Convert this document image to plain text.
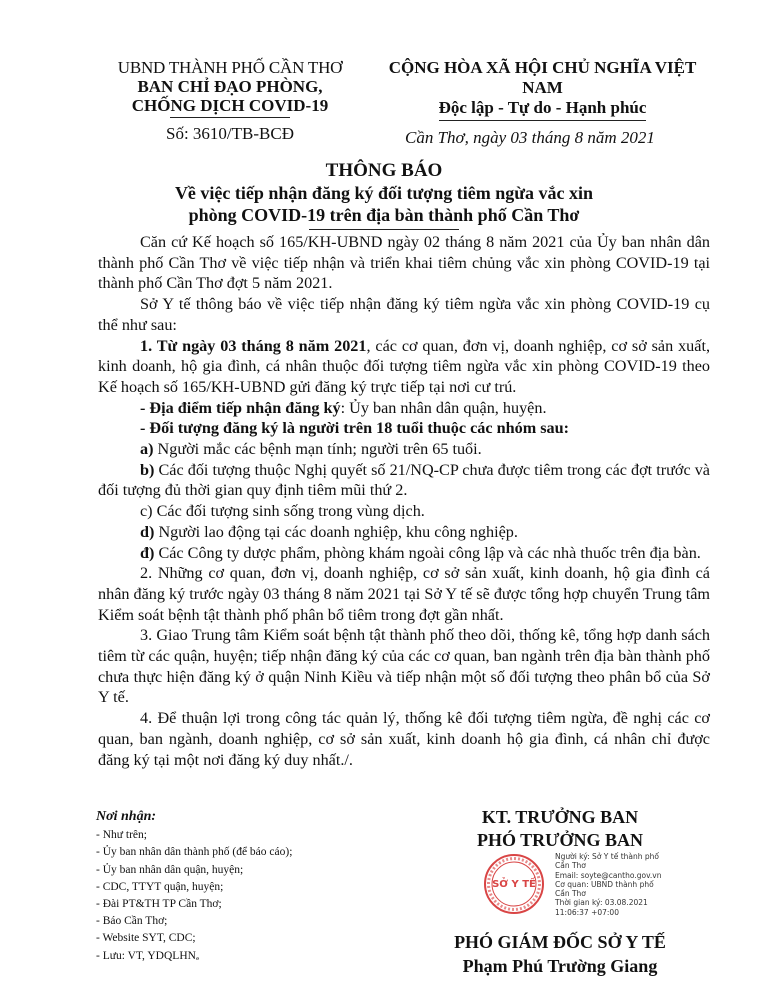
UBND THÀNH PHỐ CẦN THƠ
BAN CHỈ ĐẠO PHÒNG,
CHỐNG DỊCH COVID-19
Số: 3610/TB-BCĐ
CỘNG HÒA XÃ HỘI CHỦ NGHĨA VIỆT NAM
Độc lập - Tự do - Hạnh phúc
Cần Thơ, ngày 03 tháng 8 năm 2021
THÔNG BÁO
Về việc tiếp nhận đăng ký đối tượng tiêm ngừa vắc xin
phòng COVID-19 trên địa bàn thành phố Cần Thơ

Căn cứ Kế hoạch số 165/KH-UBND ngày 02 tháng 8 năm 2021 của Ủy ban nhân dân thành phố Cần Thơ về việc tiếp nhận và triển khai tiêm chủng vắc xin phòng COVID-19 tại thành phố Cần Thơ đợt 5 năm 2021.

Sở Y tế thông báo về việc tiếp nhận đăng ký tiêm ngừa vắc xin phòng COVID-19 cụ thể như sau:

1. Từ ngày 03 tháng 8 năm 2021, các cơ quan, đơn vị, doanh nghiệp, cơ sở sản xuất, kinh doanh, hộ gia đình, cá nhân thuộc đối tượng tiêm ngừa vắc xin phòng COVID-19 theo Kế hoạch số 165/KH-UBND gửi đăng ký trực tiếp tại nơi cư trú.

- Địa điểm tiếp nhận đăng ký: Ủy ban nhân dân quận, huyện.

- Đối tượng đăng ký là người trên 18 tuổi thuộc các nhóm sau:

a) Người mắc các bệnh mạn tính; người trên 65 tuổi.

b) Các đối tượng thuộc Nghị quyết số 21/NQ-CP chưa được tiêm trong các đợt trước và đối tượng đủ thời gian quy định tiêm mũi thứ 2.

c) Các đối tượng sinh sống trong vùng dịch.

d) Người lao động tại các doanh nghiệp, khu công nghiệp.

đ) Các Công ty dược phẩm, phòng khám ngoài công lập và các nhà thuốc trên địa bàn.

2. Những cơ quan, đơn vị, doanh nghiệp, cơ sở sản xuất, kinh doanh, hộ gia đình cá nhân đăng ký trước ngày 03 tháng 8 năm 2021 tại Sở Y tế sẽ được tổng hợp chuyển Trung tâm Kiểm soát bệnh tật thành phố phân bổ tiêm trong đợt gần nhất.

3. Giao Trung tâm Kiểm soát bệnh tật thành phố theo dõi, thống kê, tổng hợp danh sách tiêm từ các quận, huyện; tiếp nhận đăng ký của các cơ quan, ban ngành trên địa bàn thành phố chưa thực hiện đăng ký ở quận Ninh Kiều và tiếp nhận một số đối tượng theo phân bổ của Sở Y tế.

4. Để thuận lợi trong công tác quản lý, thống kê đối tượng tiêm ngừa, đề nghị các cơ quan, ban ngành, doanh nghiệp, cơ sở sản xuất, kinh doanh hộ gia đình, cá nhân chỉ được đăng ký tại một nơi đăng ký duy nhất./.

Nơi nhận:
- Như trên;
- Ủy ban nhân dân thành phố (để báo cáo);
- Ủy ban nhân dân quận, huyện;
- CDC, TTYT quận, huyện;
- Đài PT&TH TP Cần Thơ;
- Báo Cần Thơ;
- Website SYT, CDC;
- Lưu: VT, YDQLHNₔ
KT. TRƯỞNG BAN
PHÓ TRƯỞNG BAN
SỞ Y TẾ
Người ký: Sở Y tế thành phố
Cần Thơ
Email: soyte@cantho.gov.vn
Cơ quan: UBND thành phố
Cần Thơ
Thời gian ký: 03.08.2021
11:06:37 +07:00
PHÓ GIÁM ĐỐC SỞ Y TẾ
Phạm Phú Trường Giang
